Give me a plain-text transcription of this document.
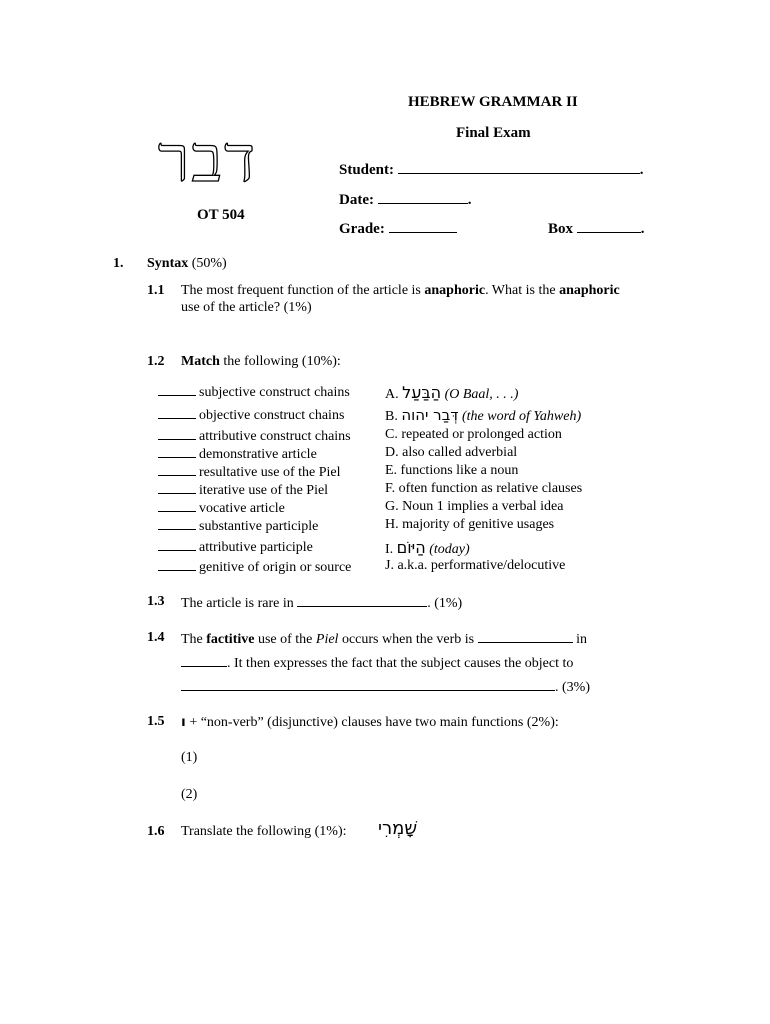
HEBREW GRAMMAR II
Final Exam
דבר
OT 504
Student:	.
Date:	.
Grade:	Box	.
1. Syntax (50%)
1.1 The most frequent function of the article is anaphoric. What is the anaphoric
use of the article? (1%)
1.2 Match the following (10%):
subjective construct chains	A. הַבַּעַל (O Baal, . . .)
objective construct chains	B. דְּבַר יהוה (the word of Yahweh)
attributive construct chains C. repeated or prolonged action
demonstrative article	D. also called adverbial
resultative use of the Piel	E. functions like a noun
iterative use of the Piel	F. often function as relative clauses
vocative article	G. Noun 1 implies a verbal idea
substantive participle	H. majority of genitive usages
attributive participle	I. הַיּוֹם (today)
genitive of origin or source J. a.k.a. performative/delocutive
1.3 The article is rare in	. (1%)
1.4 The factitive use of the Piel occurs when the verb is	in
. It then expresses the fact that the subject causes the object to
. (3%)
1.5 ו + “non-verb” (disjunctive) clauses have two main functions (2%):
(1)
(2)
1.6 Translate the following (1%): שָׁמְרִי
